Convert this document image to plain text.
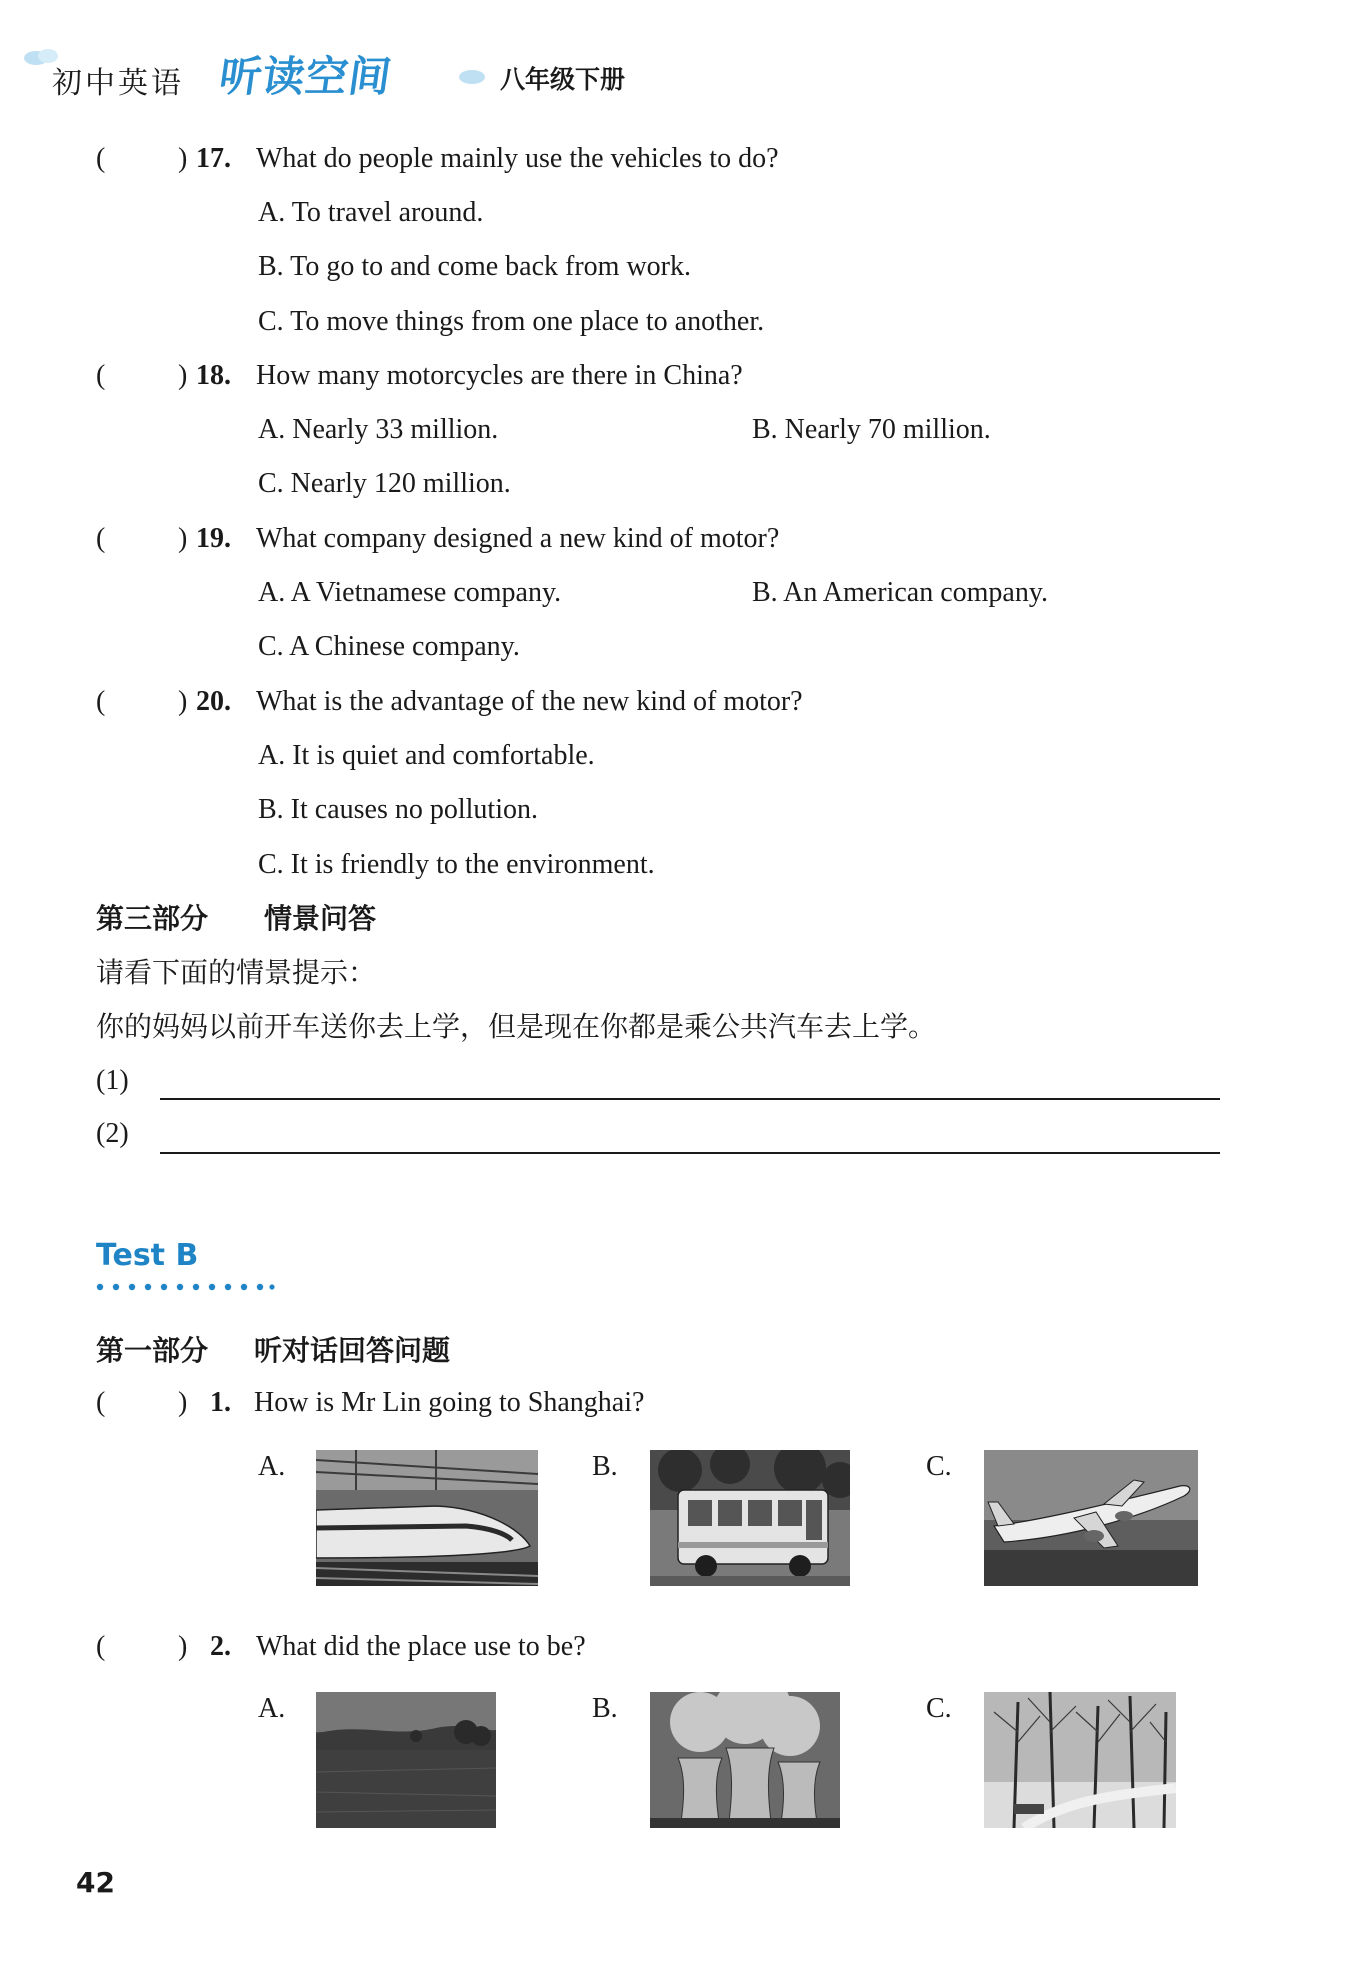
初中英语 听读空间	八年级下册
(	) 17. What do people mainly use the vehicles to do?
A. To travel around.
B. To go to and come back from work.
C. To move things from one place to another.
(	) 18. How many motorcycles are there in China?
A. Nearly 33 million.	B. Nearly 70 million.
C. Nearly 120 million.
(	) 19. What company designed a new kind of motor?
A. A Vietnamese company.	B. An American company.
C. A Chinese company.
(	) 20. What is the advantage of the new kind of motor?
A. It is quiet and comfortable.
B. It causes no pollution.
C. It is friendly to the environment.
第三部分 情景问答
请看下面的情景提示：
你的妈妈以前开车送你去上学，但是现在你都是乘公共汽车去上学。
(1)
(2)
Test B
第一部分 听对话回答问题
(	) 1. How is Mr Lin going to Shanghai?
A.	B.	C.
(	) 2. What did the place use to be?
A.	B.	C.
42
